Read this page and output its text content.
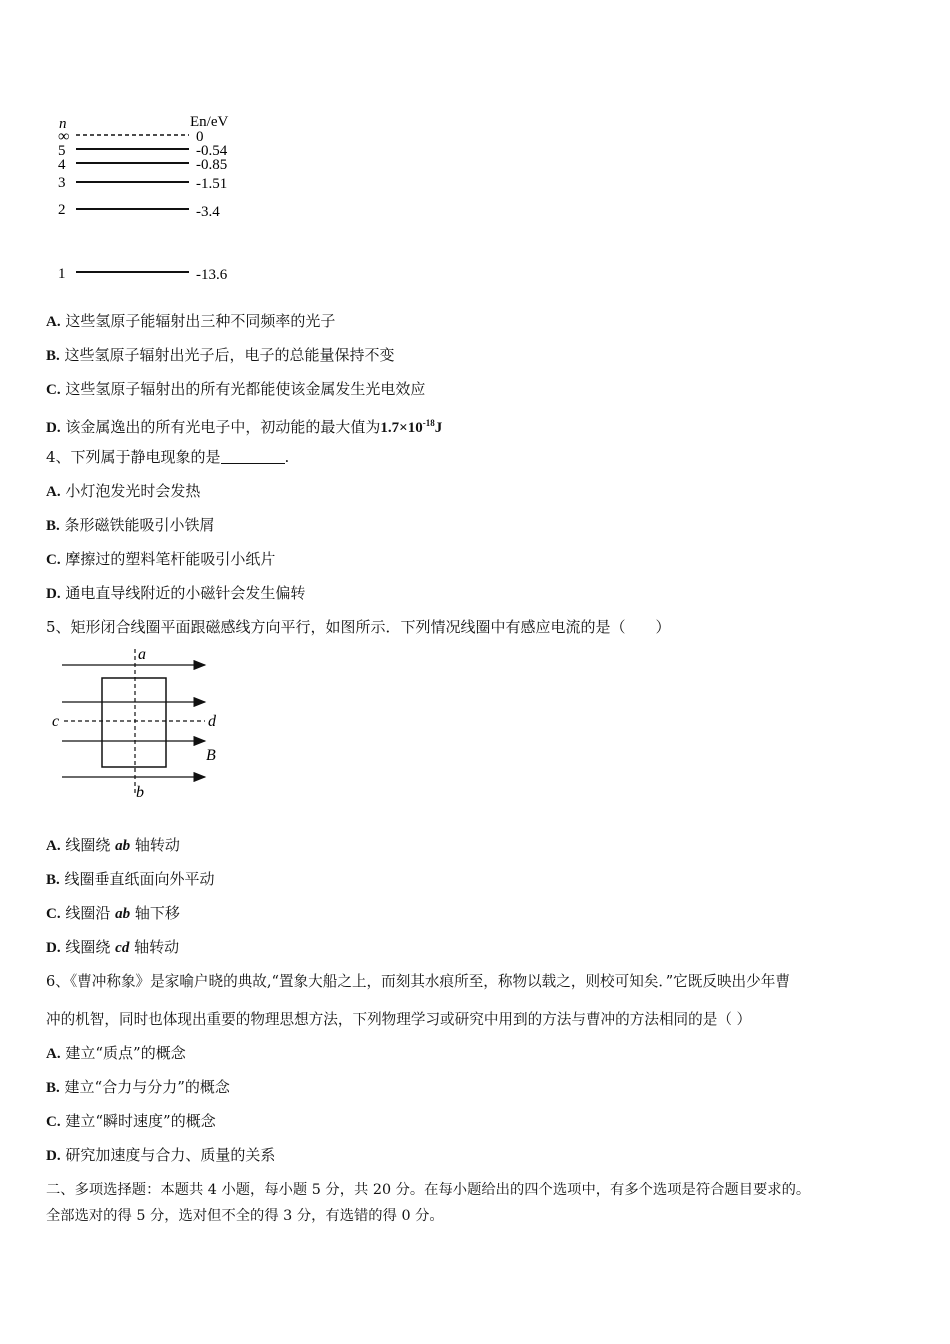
n	En/eV
∞	0
5	-0.54
4	-0.85
3	-1.51
2	-3.4
1	-13.6
A. 这些氢原子能辐射出三种不同频率的光子
B. 这些氢原子辐射出光子后，电子的总能量保持不变
C. 这些氢原子辐射出的所有光都能使该金属发生光电效应
D. 该金属逸出的所有光电子中，初动能的最大值为$1.7\times 10^{-18}J$
4、下列属于静电现象的是	.
A. 小灯泡发光时会发热
B. 条形磁铁能吸引小铁屑
C. 摩擦过的塑料笔杆能吸引小纸片
D. 通电直导线附近的小磁针会发生偏转
5、矩形闭合线圈平面跟磁感线方向平行，如图所示．下列情况线圈中有感应电流的是（　　）
a
b
c	d
B
A. 线圈绕 ab 轴转动
B. 线圈垂直纸面向外平动
C. 线圈沿 ab 轴下移
D. 线圈绕 cd 轴转动
6、《曹冲称象》是家喻户晓的典故,“置象大船之上，而刻其水痕所至，称物以载之，则校可知矣．”它既反映出少年曹
冲的机智，同时也体现出重要的物理思想方法，下列物理学习或研究中用到的方法与曹冲的方法相同的是（ ）
A. 建立“质点”的概念
B. 建立“合力与分力”的概念
C. 建立“瞬时速度”的概念
D. 研究加速度与合力、质量的关系
二、多项选择题：本题共 4 小题，每小题 5 分，共 20 分。在每小题给出的四个选项中，有多个选项是符合题目要求的。
全部选对的得 5 分，选对但不全的得 3 分，有选错的得 0 分。
